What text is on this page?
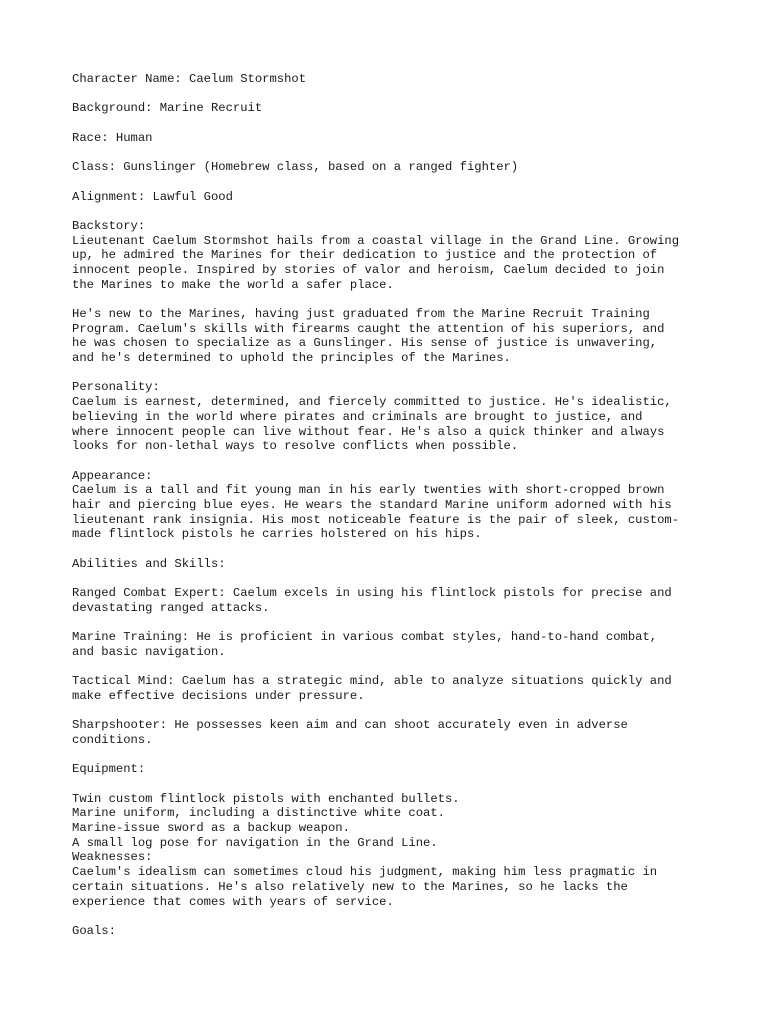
Character Name: Caelum Stormshot
Background: Marine Recruit
Race: Human
Class: Gunslinger (Homebrew class, based on a ranged fighter)
Alignment: Lawful Good
Backstory:
Lieutenant Caelum Stormshot hails from a coastal village in the Grand Line. Growing
up, he admired the Marines for their dedication to justice and the protection of
innocent people. Inspired by stories of valor and heroism, Caelum decided to join
the Marines to make the world a safer place.
He's new to the Marines, having just graduated from the Marine Recruit Training
Program. Caelum's skills with firearms caught the attention of his superiors, and
he was chosen to specialize as a Gunslinger. His sense of justice is unwavering,
and he's determined to uphold the principles of the Marines.
Personality:
Caelum is earnest, determined, and fiercely committed to justice. He's idealistic,
believing in the world where pirates and criminals are brought to justice, and
where innocent people can live without fear. He's also a quick thinker and always
looks for non-lethal ways to resolve conflicts when possible.
Appearance:
Caelum is a tall and fit young man in his early twenties with short-cropped brown
hair and piercing blue eyes. He wears the standard Marine uniform adorned with his
lieutenant rank insignia. His most noticeable feature is the pair of sleek, custom-
made flintlock pistols he carries holstered on his hips.
Abilities and Skills:
Ranged Combat Expert: Caelum excels in using his flintlock pistols for precise and
devastating ranged attacks.
Marine Training: He is proficient in various combat styles, hand-to-hand combat,
and basic navigation.
Tactical Mind: Caelum has a strategic mind, able to analyze situations quickly and
make effective decisions under pressure.
Sharpshooter: He possesses keen aim and can shoot accurately even in adverse
conditions.
Equipment:
Twin custom flintlock pistols with enchanted bullets.
Marine uniform, including a distinctive white coat.
Marine-issue sword as a backup weapon.
A small log pose for navigation in the Grand Line.
Weaknesses:
Caelum's idealism can sometimes cloud his judgment, making him less pragmatic in
certain situations. He's also relatively new to the Marines, so he lacks the
experience that comes with years of service.
Goals:
